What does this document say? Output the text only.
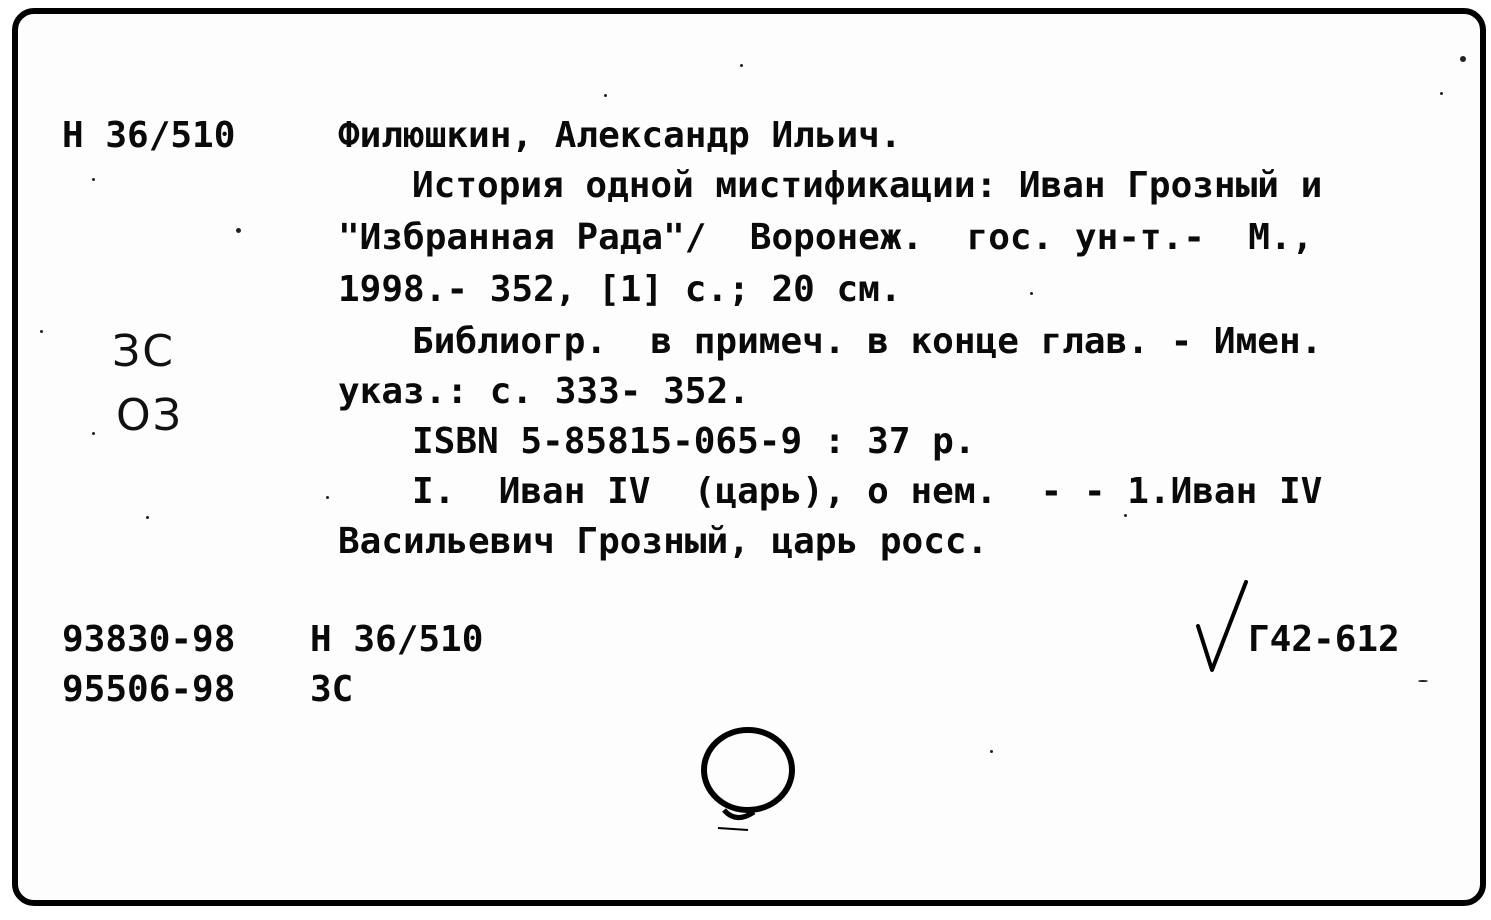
Н 36/510	Филюшкин, Александр Ильич.
История одной мистификации: Иван Грозный и
"Избранная Рада"/  Воронеж.  гос. ун-т.-  М.,
1998.- 352, [1] с.; 20 см.
Библиогр.  в примеч. в конце глав. - Имен.
указ.: с. 333- 352.
ISBN 5-85815-065-9 : 37 р.
I.  Иван IV  (царь), о нем.  - - 1.Иван IV
Васильевич Грозный, царь росс.
ЗС
ОЗ
93830-98 Н 36/510
95506-98 ЗС
Г42-612
